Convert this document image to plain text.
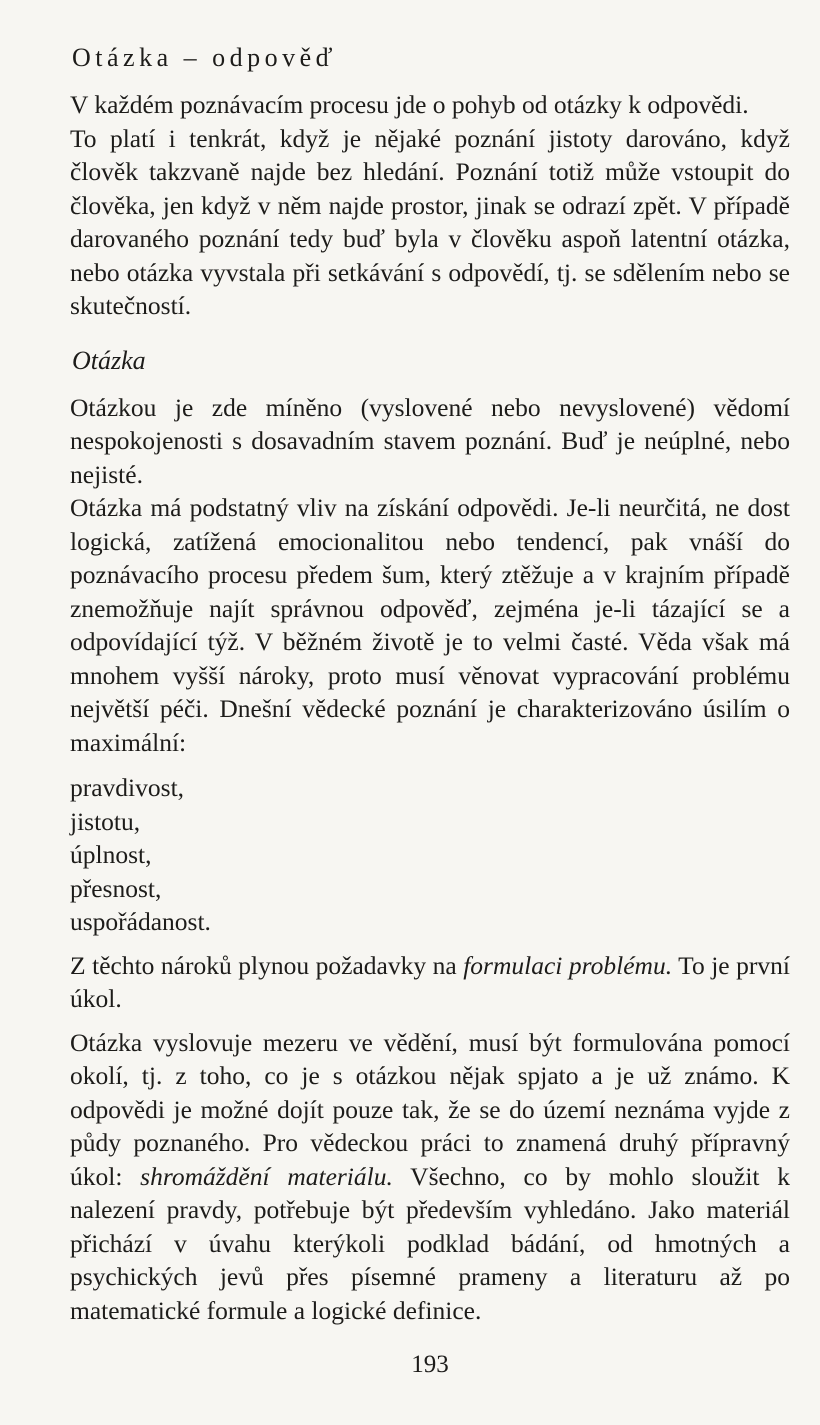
Otázka – odpověď

V každém poznávacím procesu jde o pohyb od otázky k odpovědi.

To platí i tenkrát, když je nějaké poznání jistoty darováno, když člověk takzvaně najde bez hledání. Poznání totiž může vstoupit do člověka, jen když v něm najde prostor, jinak se odrazí zpět. V případě darovaného poznání tedy buď byla v člověku aspoň latentní otázka, nebo otázka vyvstala při setkávání s odpovědí, tj. se sdělením nebo se skutečností.

Otázka

Otázkou je zde míněno (vyslovené nebo nevyslovené) vědomí nespokojenosti s dosavadním stavem poznání. Buď je neúplné, nebo nejisté.

Otázka má podstatný vliv na získání odpovědi. Je-li neurčitá, ne dost logická, zatížená emocionalitou nebo tendencí, pak vnáší do poznávacího procesu předem šum, který ztěžuje a v krajním případě znemožňuje najít správnou odpověď, zejména je-li tázající se a odpovídající týž. V běžném životě je to velmi časté. Věda však má mnohem vyšší nároky, proto musí věnovat vypracování problému největší péči. Dnešní vědecké poznání je charakterizováno úsilím o maximální:

pravdivost,
jistotu,
úplnost,
přesnost,
uspořádanost.

Z těchto nároků plynou požadavky na formulaci problému. To je první úkol.

Otázka vyslovuje mezeru ve vědění, musí být formulována pomocí okolí, tj. z toho, co je s otázkou nějak spjato a je už známo. K odpovědi je možné dojít pouze tak, že se do území neznáma vyjde z půdy poznaného. Pro vědeckou práci to znamená druhý přípravný úkol: shromáždění materiálu. Všechno, co by mohlo sloužit k nalezení pravdy, potřebuje být především vyhledáno. Jako materiál přichází v úvahu kterýkoli podklad bádání, od hmotných a psychických jevů přes písemné prameny a literaturu až po matematické formule a logické definice.

193
